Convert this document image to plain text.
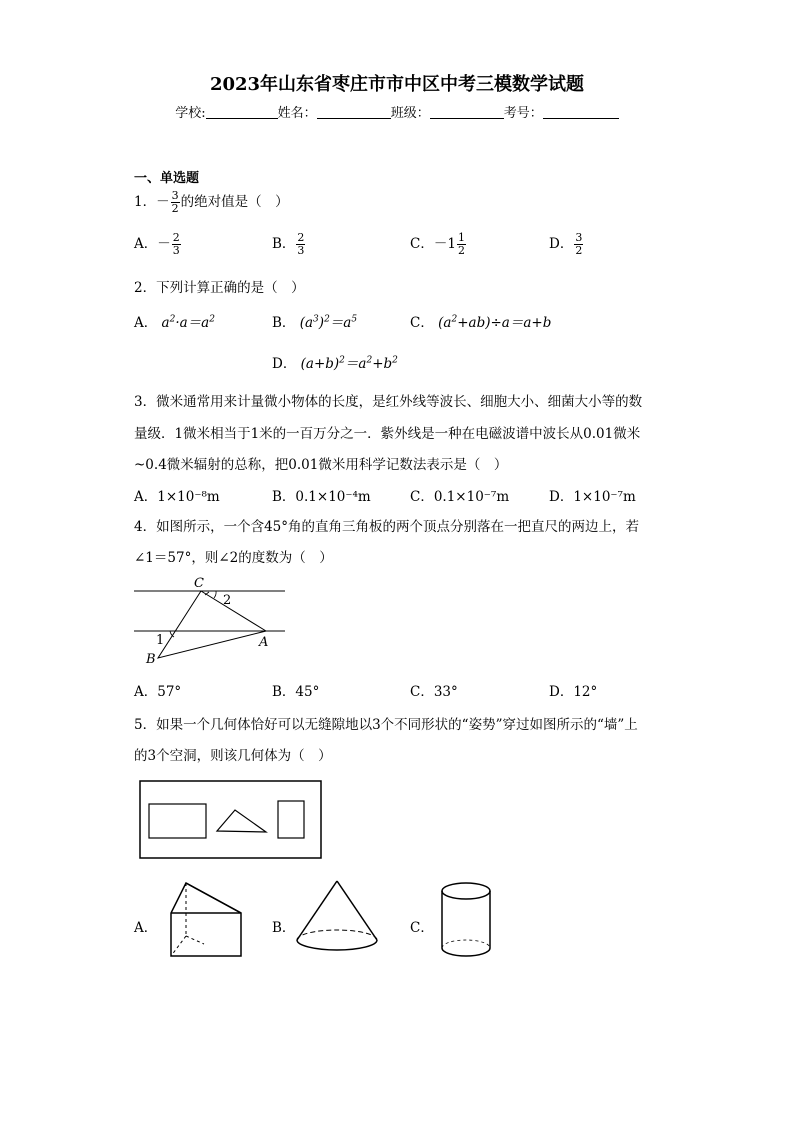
2023年山东省枣庄市市中区中考三模数学试题
学校:	姓名：	班级：	考号：
一、单选题
1．－ $\frac{3}{2}$ 的绝对值是（　）
A．－ $\frac{2}{3}$	B． $\frac{2}{3}$	C．$-1 \frac{1}{2}$	D． $\frac{3}{2}$
2．下列计算正确的是（　）
A． $a^2\cdot a=a^2$	B． $(a^3)^2=a^5$	C． $(a^2+ab)\div a=a+b$
D． $(a+b)^2=a^2+b^2$
3．微米通常用来计量微小物体的长度，是红外线等波长、细胞大小、细菌大小等的数
量级．1微米相当于1米的一百万分之一．紫外线是一种在电磁波谱中波长从0.01微米
~0.4微米辐射的总称，把0.01微米用科学记数法表示是（　）
A．1×10⁻⁸m	B．0.1×10⁻⁴m	C．0.1×10⁻⁷m	D．1×10⁻⁷m
4．如图所示，一个含45°角的直角三角板的两个顶点分别落在一把直尺的两边上，若
∠1＝57°，则∠2的度数为（　）
C
2
1
B
A
A．57°	B．45°	C．33°	D．12°
5．如果一个几何体恰好可以无缝隙地以3个不同形状的“姿势”穿过如图所示的“墙”上
的3个空洞，则该几何体为（　）
A．	B．	C．
